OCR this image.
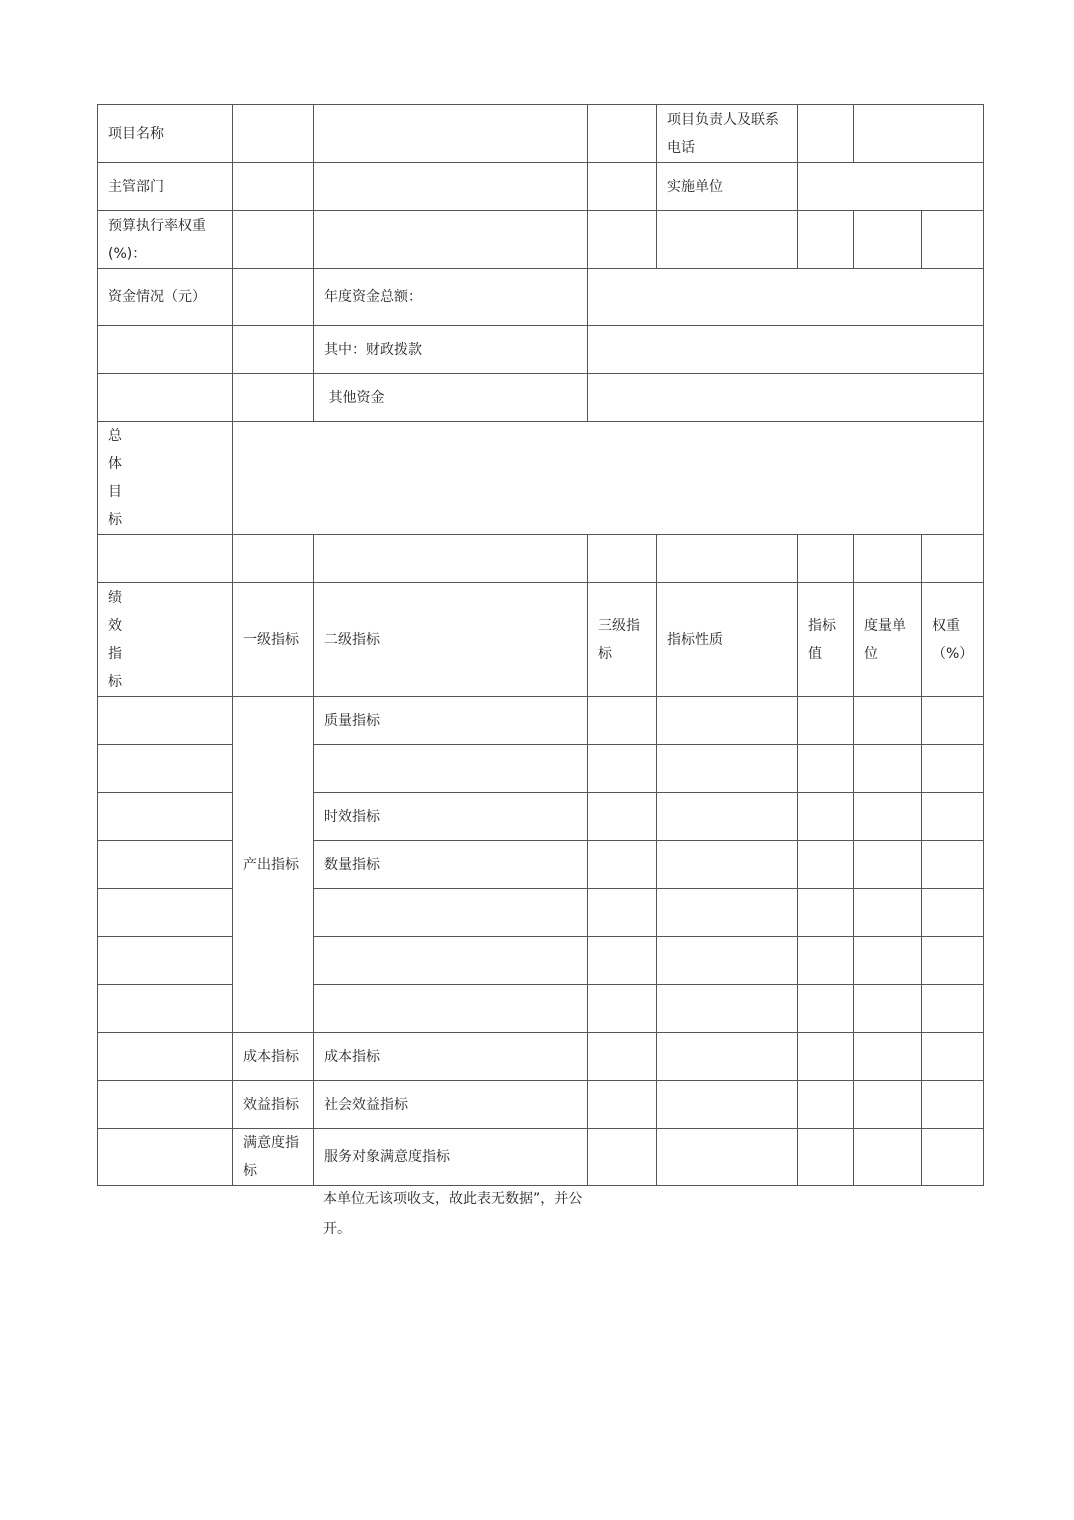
项目名称				项目负责人及联系电话			
主管部门				实施单位			
预算执行率权重(%)：							
资金情况（元）		年度资金总额：					
		其中：财政拨款					
		其他资金					

总
体
目
标							

绩
效
指
标	一级指标	二级指标	三级指标	指标性质	指标值	度量单位	权重（%）
	产出指标	质量指标					

		时效指标					
		数量指标					

	成本指标	成本指标					
	效益指标	社会效益指标					
	满意度指标	服务对象满意度指标					
本单位无该项收支，故此表无数据”，并公开。
